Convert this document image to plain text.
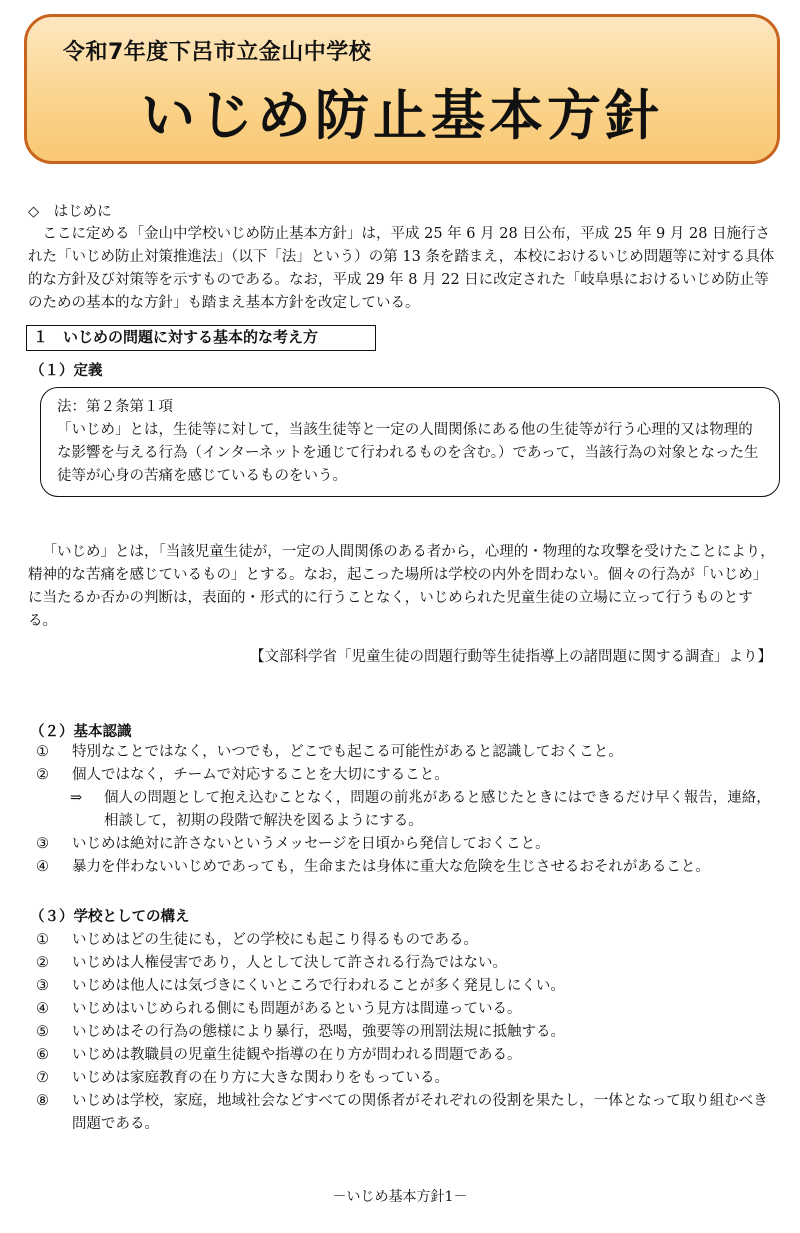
令和7年度下呂市立金山中学校
いじめ防止基本方針
◇　はじめに
　ここに定める「金山中学校いじめ防止基本方針」は，平成 25 年 6 月 28 日公布，平成 25 年 9 月 28 日施行された「いじめ防止対策推進法」（以下「法」という）の第 13 条を踏まえ，本校におけるいじめ問題等に対する具体的な方針及び対策等を示すものである。なお，平成 29 年 8 月 22 日に改定された「岐阜県におけるいじめ防止等のための基本的な方針」も踏まえ基本方針を改定している。
１　いじめの問題に対する基本的な考え方
（１）定義
法：第２条第１項
「いじめ」とは，生徒等に対して，当該生徒等と一定の人間関係にある他の生徒等が行う心理的又は物理的な影響を与える行為（インターネットを通じて行われるものを含む。）であって，当該行為の対象となった生徒等が心身の苦痛を感じているものをいう。
「いじめ」とは，「当該児童生徒が，一定の人間関係のある者から，心理的・物理的な攻撃を受けたことにより，精神的な苦痛を感じているもの」とする。なお，起こった場所は学校の内外を問わない。個々の行為が「いじめ」に当たるか否かの判断は，表面的・形式的に行うことなく，いじめられた児童生徒の立場に立って行うものとする。
【文部科学省「児童生徒の問題行動等生徒指導上の諸問題に関する調査」より】
（２）基本認識
① 特別なことではなく，いつでも，どこでも起こる可能性があると認識しておくこと。
② 個人ではなく，チームで対応することを大切にすること。
⇒ 個人の問題として抱え込むことなく，問題の前兆があると感じたときにはできるだけ早く報告，連絡，相談して，初期の段階で解決を図るようにする。
③ いじめは絶対に許さないというメッセージを日頃から発信しておくこと。
④ 暴力を伴わないいじめであっても，生命または身体に重大な危険を生じさせるおそれがあること。
（３）学校としての構え
① いじめはどの生徒にも，どの学校にも起こり得るものである。
② いじめは人権侵害であり，人として決して許される行為ではない。
③ いじめは他人には気づきにくいところで行われることが多く発見しにくい。
④ いじめはいじめられる側にも問題があるという見方は間違っている。
⑤ いじめはその行為の態様により暴行，恐喝，強要等の刑罰法規に抵触する。
⑥ いじめは教職員の児童生徒観や指導の在り方が問われる問題である。
⑦ いじめは家庭教育の在り方に大きな関わりをもっている。
⑧ いじめは学校，家庭，地域社会などすべての関係者がそれぞれの役割を果たし，一体となって取り組むべき問題である。
－いじめ基本方針1－
